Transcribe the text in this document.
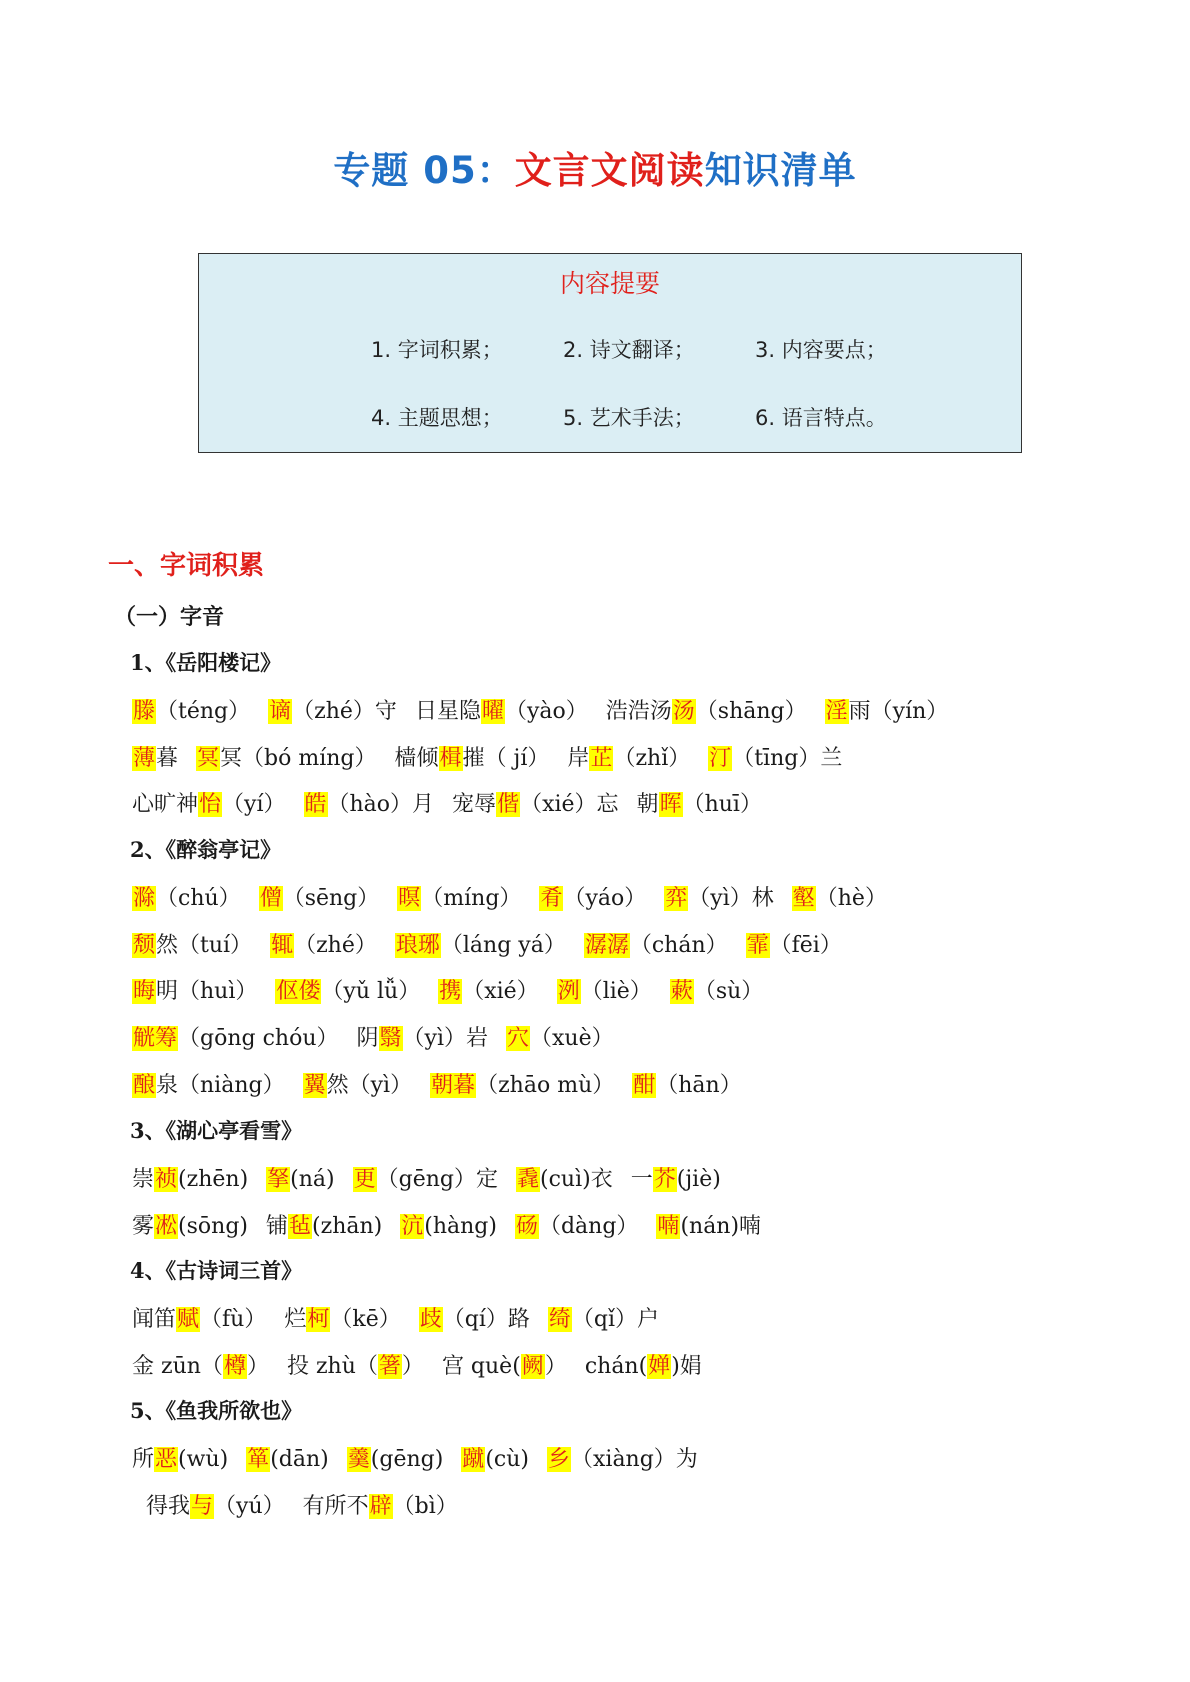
专题 05：文言文阅读知识清单
内容提要
1. 字词积累；	2. 诗文翻译；	3. 内容要点；
4. 主题思想；	5. 艺术手法；	6. 语言特点。
一、字词积累
（一）字音
1、《岳阳楼记》
滕（téng） 谪（zhé）守 日星隐曜（yào） 浩浩汤汤（shāng） 淫雨（yín）
薄暮 冥冥（bó míng） 樯倾楫摧（ jí） 岸芷（zhǐ） 汀（tīng）兰
心旷神怡（yí） 皓（hào）月 宠辱偕（xié）忘 朝晖（huī）
2、《醉翁亭记》
滁（chú） 僧（sēng） 暝（míng） 肴（yáo） 弈（yì）林 壑（hè）
颓然（tuí） 辄（zhé） 琅琊（láng yá） 潺潺（chán） 霏（fēi）
晦明（huì） 伛偻（yǔ lǚ） 携（xié） 洌（liè） 蔌（sù）
觥筹（gōng chóu） 阴翳（yì）岩 穴（xuè）
酿泉（niàng） 翼然（yì） 朝暮（zhāo mù） 酣（hān）
3、《湖心亭看雪》
崇祯(zhēn) 拏(ná) 更（gēng）定 毳(cuì)衣 一芥(jiè)
雾凇(sōng) 铺毡(zhān) 沆(hàng) 砀（dàng） 喃(nán)喃
4、《古诗词三首》
闻笛赋（fù） 烂柯（kē） 歧（qí）路 绮（qǐ）户
金 zūn（樽） 投 zhù（箸） 宫 què(阙） chán(婵)娟
5、《鱼我所欲也》
所恶(wù) 箪(dān) 羹(gēng) 蹴(cù) 乡（xiàng）为
得我与（yú） 有所不辟（bì）
